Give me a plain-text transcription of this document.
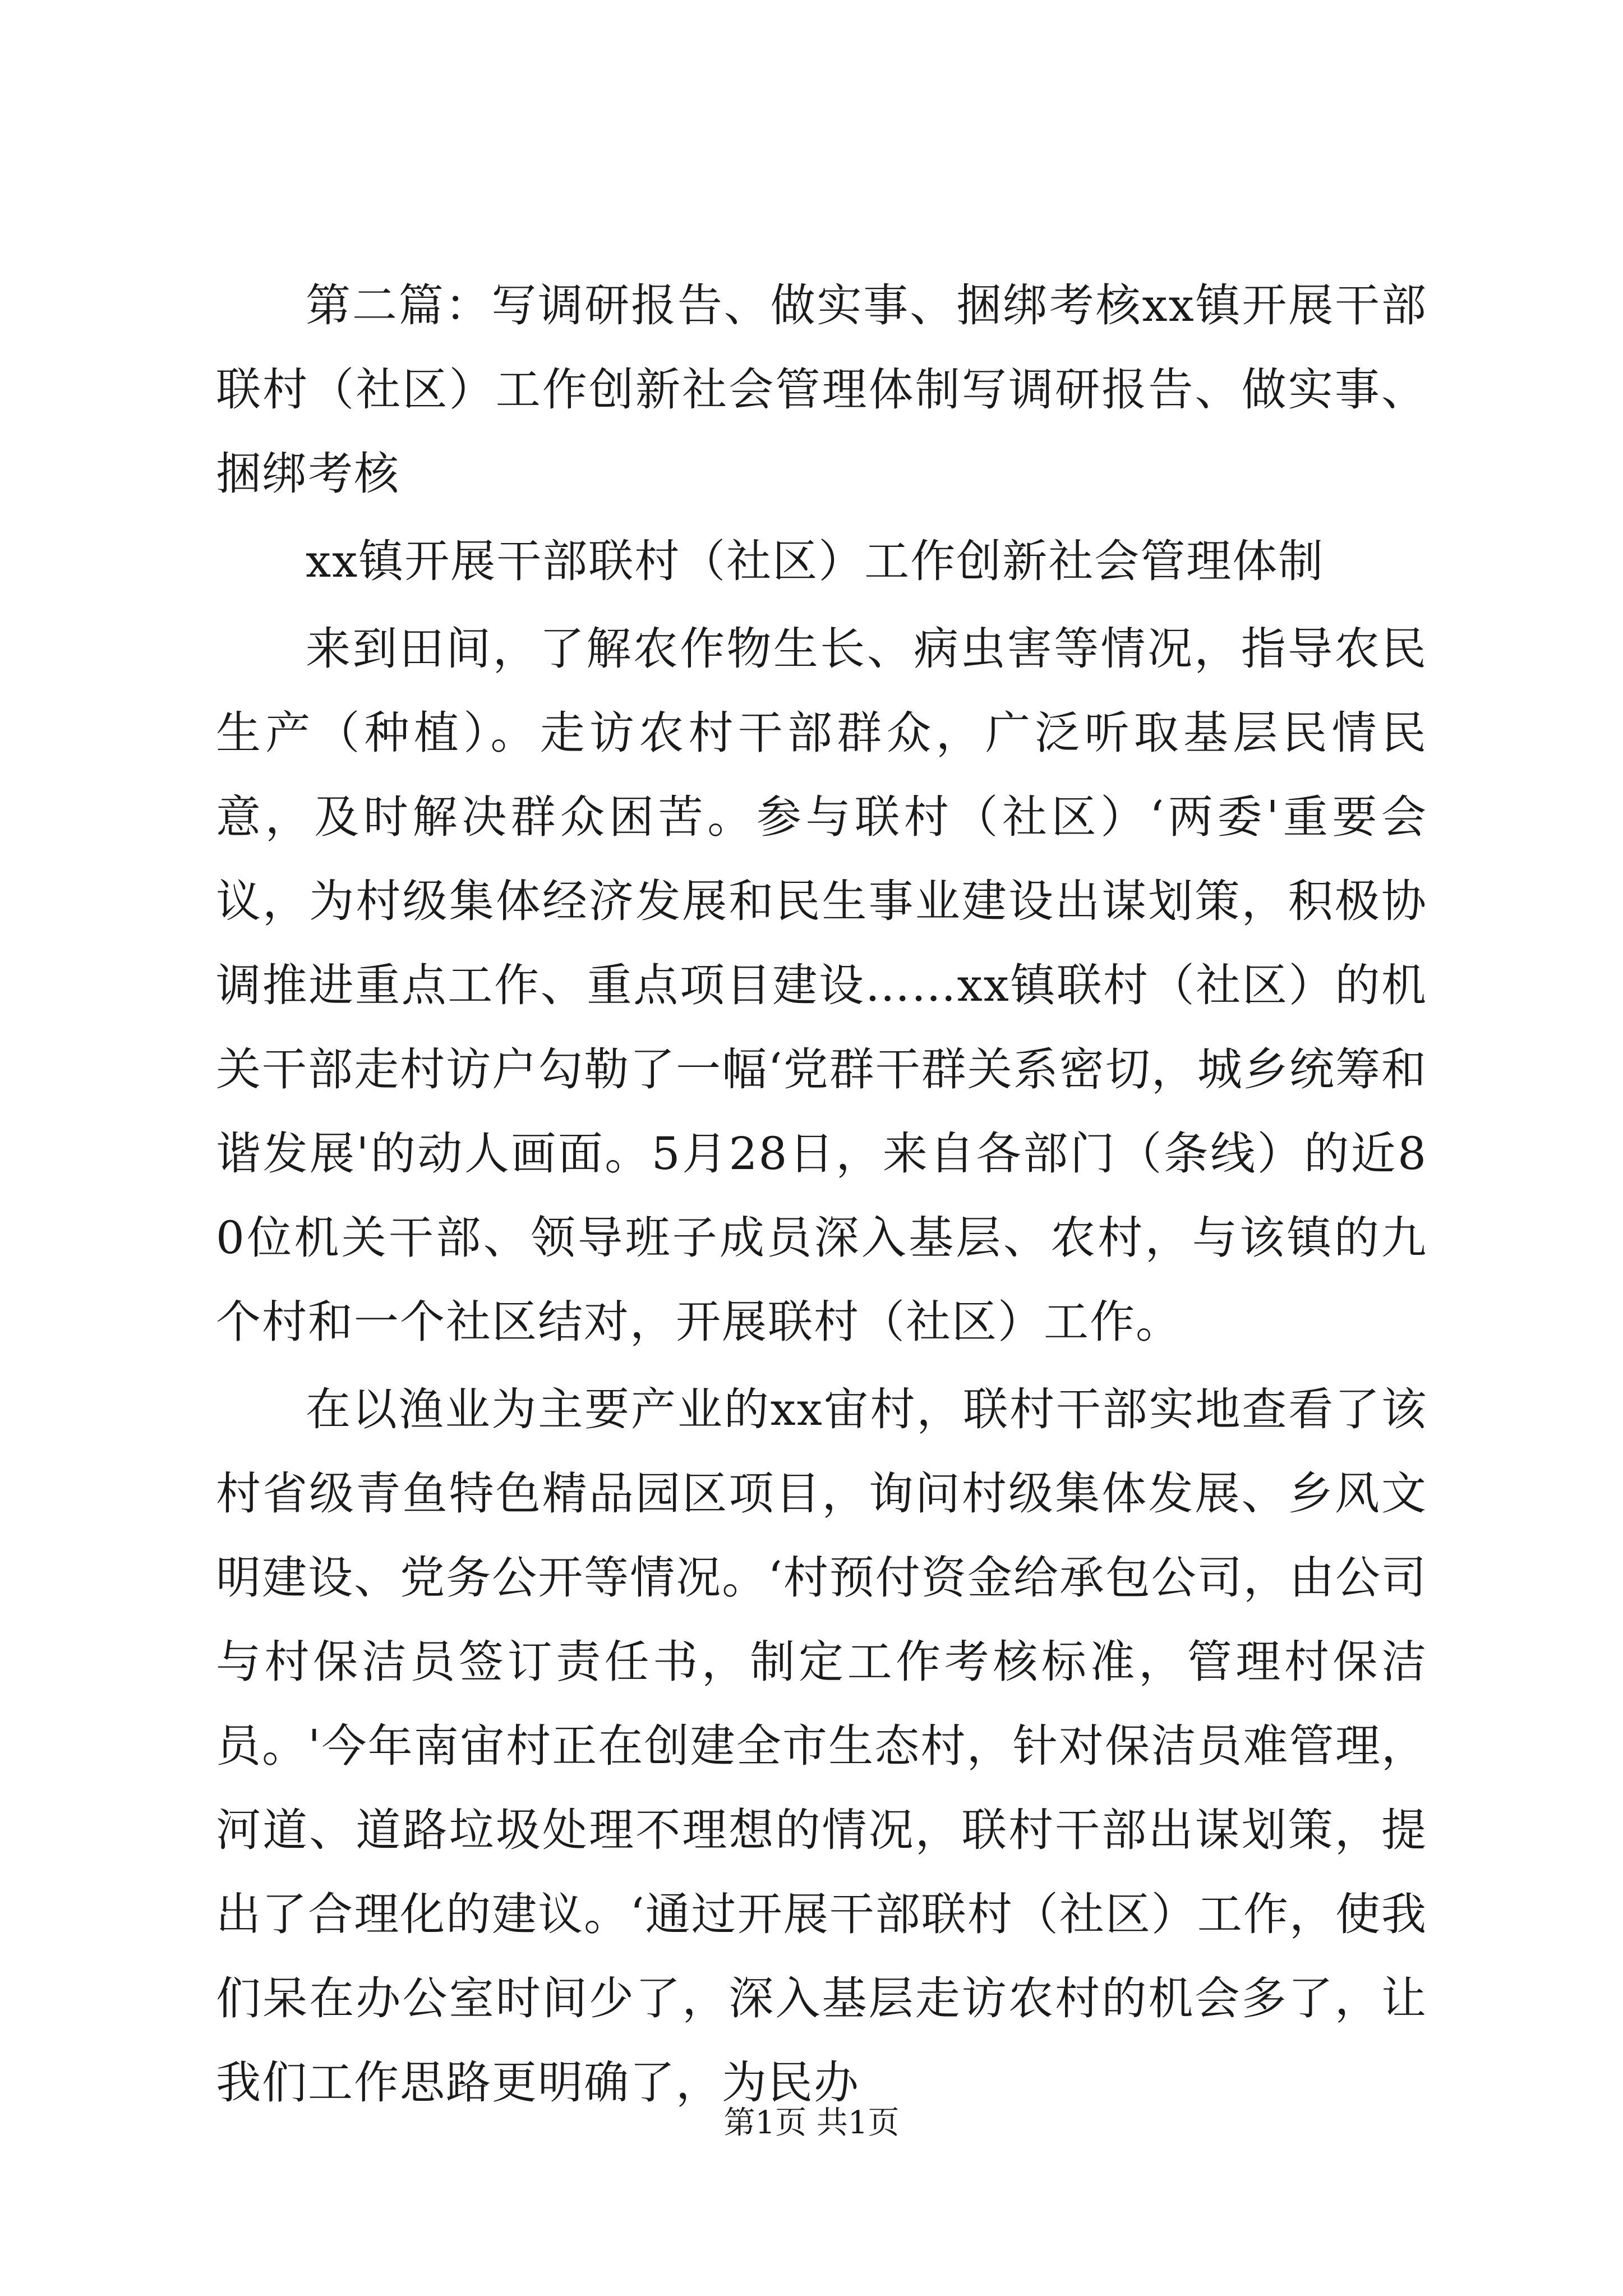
第二篇：写调研报告、做实事、捆绑考核xx镇开展干部联村（社区）工作创新社会管理体制写调研报告、做实事、捆绑考核

xx镇开展干部联村（社区）工作创新社会管理体制

来到田间，了解农作物生长、病虫害等情况，指导农民生产（种植）。走访农村干部群众，广泛听取基层民情民意，及时解决群众困苦。参与联村（社区）‘两委'重要会议，为村级集体经济发展和民生事业建设出谋划策，积极协调推进重点工作、重点项目建设……xx镇联村（社区）的机关干部走村访户勾勒了一幅‘党群干群关系密切，城乡统筹和谐发展'的动人画面。5月28日，来自各部门（条线）的近80位机关干部、领导班子成员深入基层、农村，与该镇的九个村和一个社区结对，开展联村（社区）工作。

在以渔业为主要产业的xx宙村，联村干部实地查看了该村省级青鱼特色精品园区项目，询问村级集体发展、乡风文明建设、党务公开等情况。‘村预付资金给承包公司，由公司与村保洁员签订责任书，制定工作考核标准，管理村保洁员。'今年南宙村正在创建全市生态村，针对保洁员难管理，河道、道路垃圾处理不理想的情况，联村干部出谋划策，提出了合理化的建议。‘通过开展干部联村（社区）工作，使我们呆在办公室时间少了，深入基层走访农村的机会多了，让我们工作思路更明确了，为民办

第1页 共1页
